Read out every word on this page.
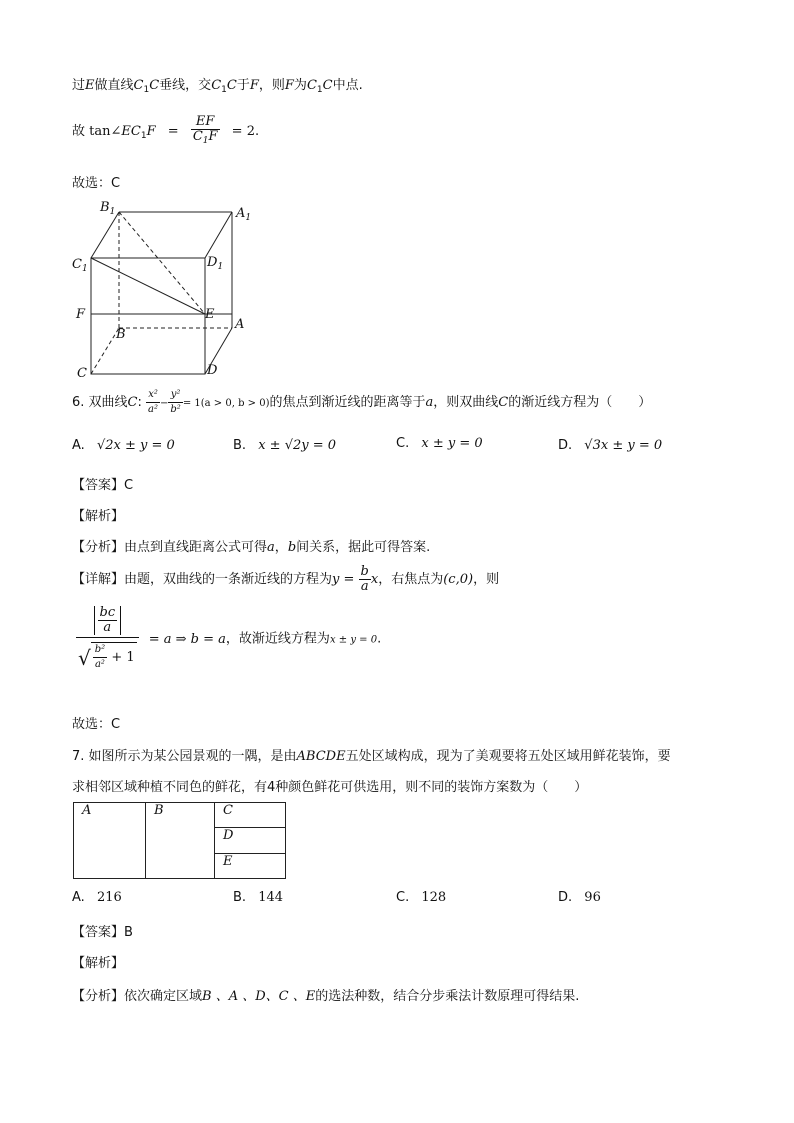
过E做直线$C_1C$垂线，交$C_1C$于F，则F为$C_1C$中点.
故 $\tan\angle EC_1F = \frac{EF}{C_1F} = 2$.
故选：C
$B_1$	$A_1$
$C_1$	$D_1$
F
B
E
A
C	D
6. 双曲线C: $\frac{\text{x²}}{\text{a²}} - \frac{\text{y²}}{\text{b²}} = 1(a > 0$, b > 0)的焦点到渐近线的距离等于a，则双曲线C的渐近线方程为（　　）
A. √2x ± y = 0	B. x ± √2y = 0	C. x ± y = 0	D. √3x ± y = 0
【答案】C
【解析】
【分析】由点到直线距离公式可得a，b间关系，据此可得答案.
【详解】由题，双曲线的一条渐近线的方程为$y = \frac{b}{a}$ x，右焦点为(c,0)，则
$\frac{\frac{bc}{a}}{√ \frac{\text{b²}}{\text{a²}} + 1} = a$ ⇒ b = a，故渐近线方程为x ± y = 0.
故选：C
7. 如图所示为某公园景观的一隅，是由ABCDE五处区域构成，现为了美观要将五处区域用鲜花装饰，要
求相邻区域种植不同色的鲜花，有4种颜色鲜花可供选用，则不同的装饰方案数为（　　）
A	B	C
D
E
A. 216	B. 144	C. 128	D. 96
【答案】B
【解析】
【分析】依次确定区域B 、A 、D、C 、E的选法种数，结合分步乘法计数原理可得结果.
